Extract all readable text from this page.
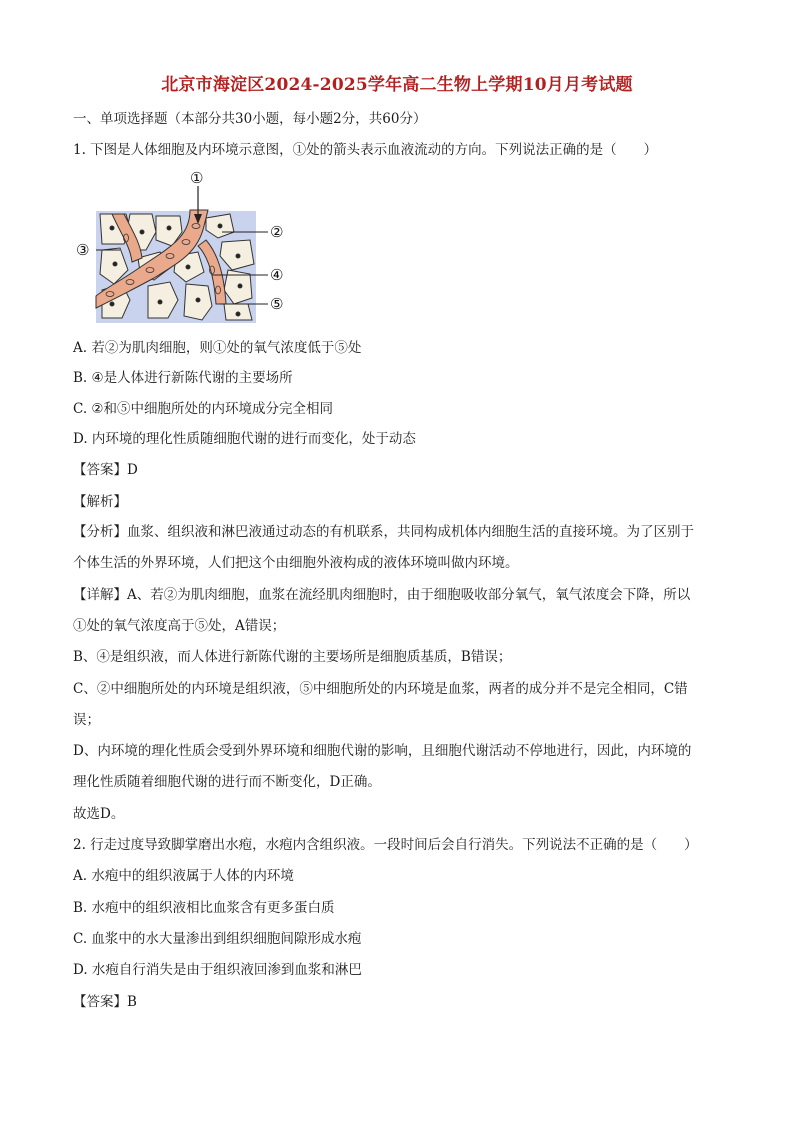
北京市海淀区2024-2025学年高二生物上学期10月月考试题
一、单项选择题（本部分共30小题，每小题2分，共60分）
1. 下图是人体细胞及内环境示意图，①处的箭头表示血液流动的方向。下列说法正确的是（　　）
①
②
③
④
⑤
A. 若②为肌肉细胞，则①处的氧气浓度低于⑤处
B. ④是人体进行新陈代谢的主要场所
C. ②和⑤中细胞所处的内环境成分完全相同
D. 内环境的理化性质随细胞代谢的进行而变化，处于动态
【答案】D
【解析】
【分析】血浆、组织液和淋巴液通过动态的有机联系，共同构成机体内细胞生活的直接环境。为了区别于
个体生活的外界环境，人们把这个由细胞外液构成的液体环境叫做内环境。
【详解】A、若②为肌肉细胞，血浆在流经肌肉细胞时，由于细胞吸收部分氧气，氧气浓度会下降，所以
①处的氧气浓度高于⑤处，A错误；
B、④是组织液，而人体进行新陈代谢的主要场所是细胞质基质，B错误；
C、②中细胞所处的内环境是组织液，⑤中细胞所处的内环境是血浆，两者的成分并不是完全相同，C错
误；
D、内环境的理化性质会受到外界环境和细胞代谢的影响，且细胞代谢活动不停地进行，因此，内环境的
理化性质随着细胞代谢的进行而不断变化，D正确。
故选D。
2. 行走过度导致脚掌磨出水疱，水疱内含组织液。一段时间后会自行消失。下列说法不正确的是（　　）
A. 水疱中的组织液属于人体的内环境
B. 水疱中的组织液相比血浆含有更多蛋白质
C. 血浆中的水大量渗出到组织细胞间隙形成水疱
D. 水疱自行消失是由于组织液回渗到血浆和淋巴
【答案】B
